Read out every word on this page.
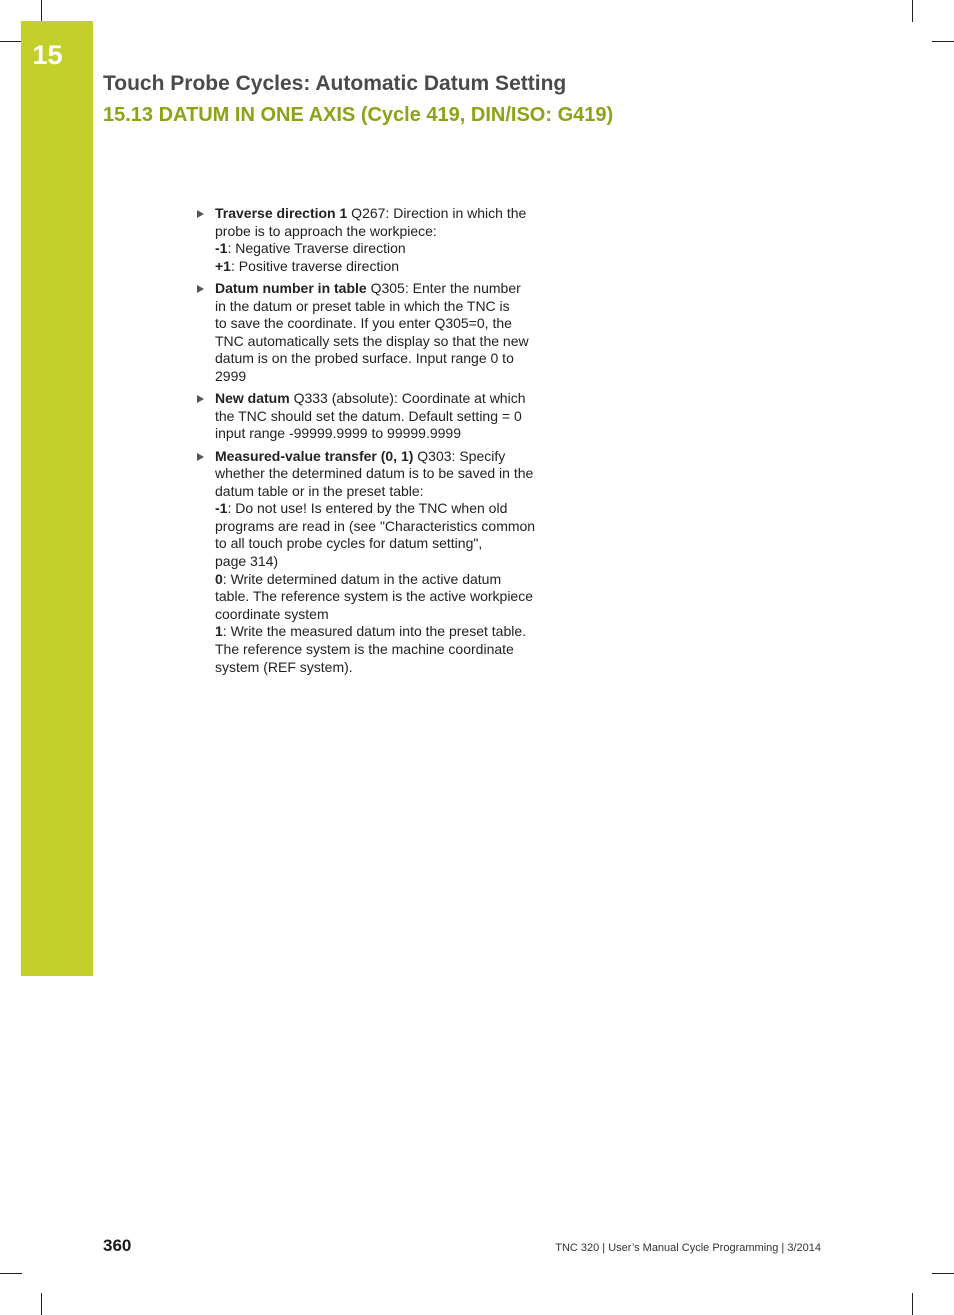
15
Touch Probe Cycles: Automatic Datum Setting
15.13 DATUM IN ONE AXIS (Cycle 419, DIN/ISO: G419)
Traverse direction 1 Q267: Direction in which the
probe is to approach the workpiece:
-1: Negative Traverse direction
+1: Positive traverse direction
Datum number in table Q305: Enter the number
in the datum or preset table in which the TNC is
to save the coordinate. If you enter Q305=0, the
TNC automatically sets the display so that the new
datum is on the probed surface. Input range 0 to
2999
New datum Q333 (absolute): Coordinate at which
the TNC should set the datum. Default setting = 0
input range -99999.9999 to 99999.9999
Measured-value transfer (0, 1) Q303: Specify
whether the determined datum is to be saved in the
datum table or in the preset table:
-1: Do not use! Is entered by the TNC when old
programs are read in (see "Characteristics common
to all touch probe cycles for datum setting",
page 314)
0: Write determined datum in the active datum
table. The reference system is the active workpiece
coordinate system
1: Write the measured datum into the preset table.
The reference system is the machine coordinate
system (REF system).
360	TNC 320 | User’s Manual Cycle Programming | 3/2014
